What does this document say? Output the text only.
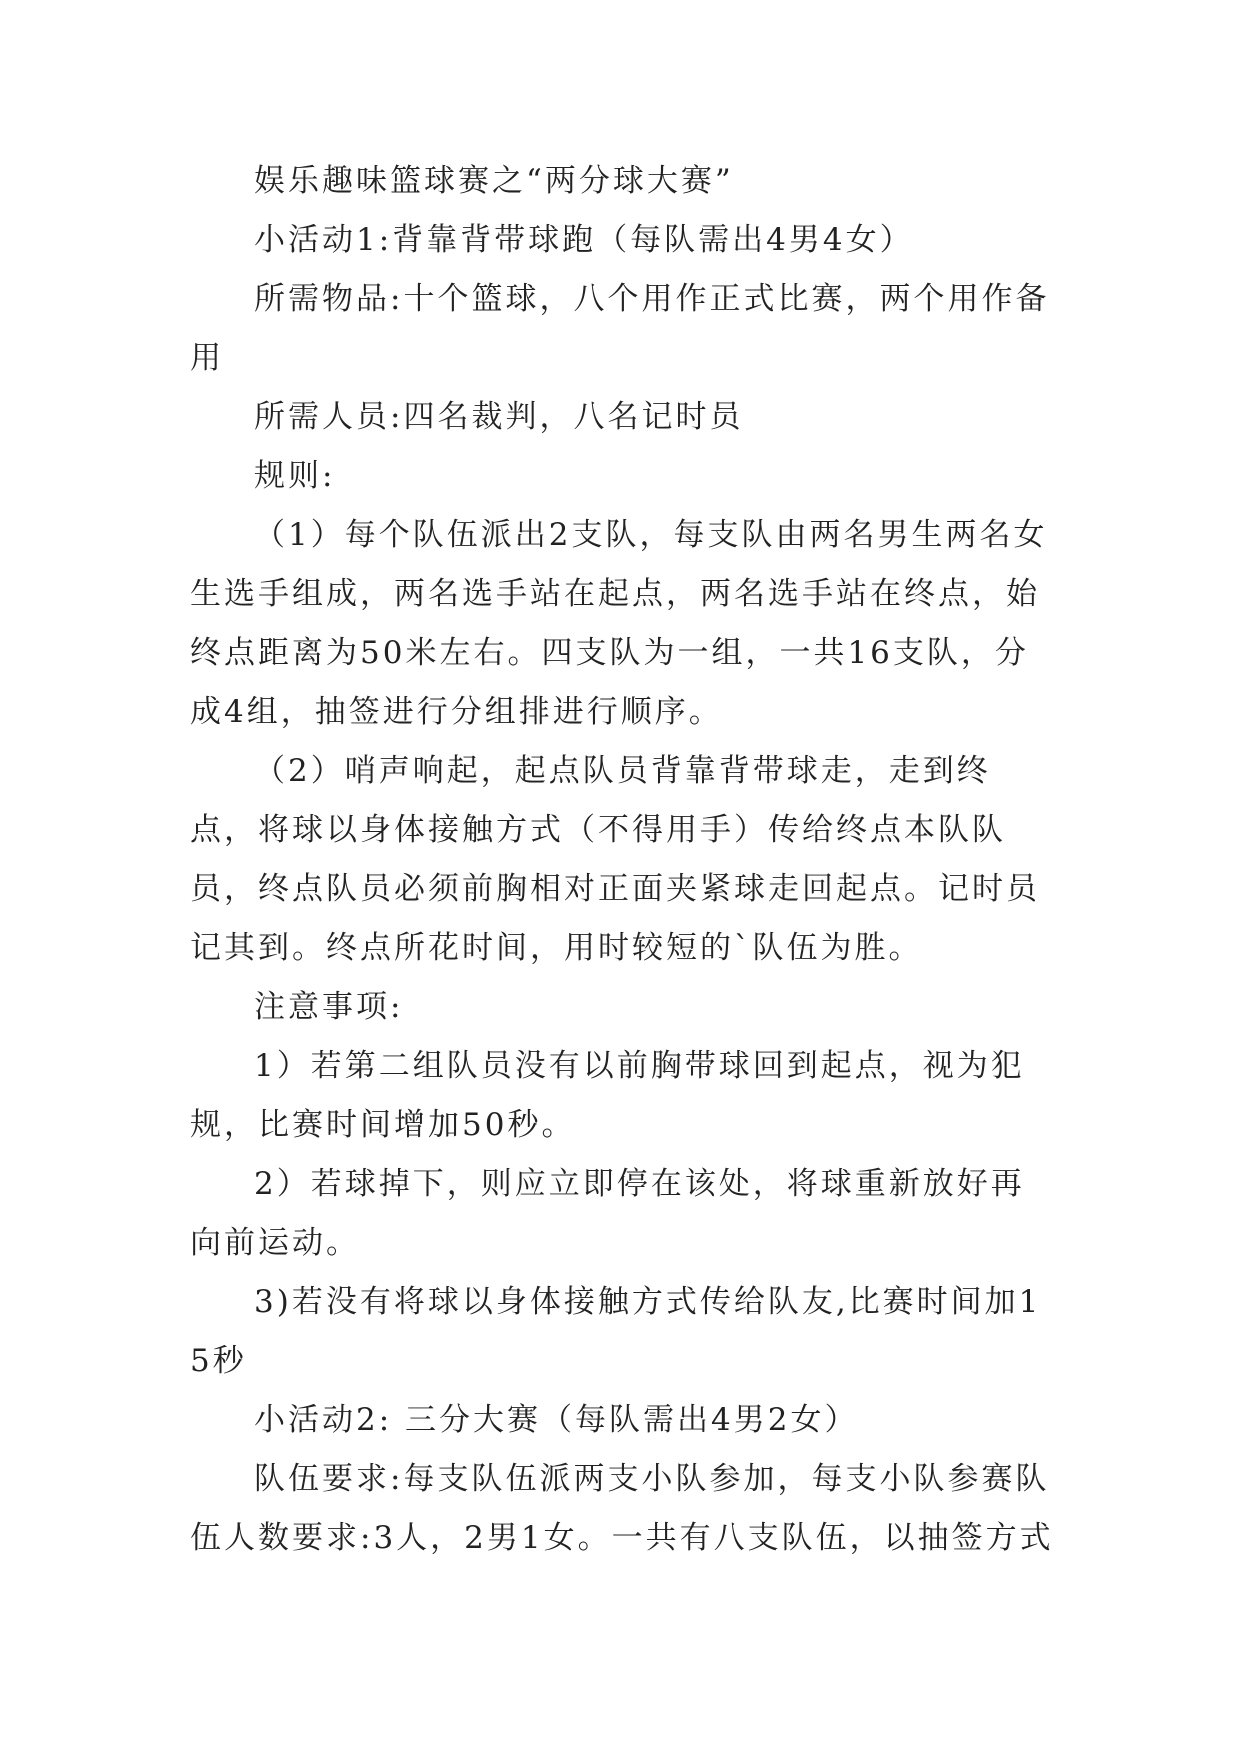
娱乐趣味篮球赛之“两分球大赛”

小活动1:背靠背带球跑（每队需出4男4女）

所需物品:十个篮球，八个用作正式比赛，两个用作备用

所需人员:四名裁判，八名记时员

规则:

（1）每个队伍派出2支队，每支队由两名男生两名女生选手组成，两名选手站在起点，两名选手站在终点，始终点距离为50米左右。四支队为一组，一共16支队，分成4组，抽签进行分组排进行顺序。

（2）哨声响起，起点队员背靠背带球走，走到终点，将球以身体接触方式（不得用手）传给终点本队队员，终点队员必须前胸相对正面夹紧球走回起点。记时员记其到。终点所花时间，用时较短的`队伍为胜。

注意事项:

1）若第二组队员没有以前胸带球回到起点，视为犯规，比赛时间增加50秒。

2）若球掉下，则应立即停在该处，将球重新放好再向前运动。

3)若没有将球以身体接触方式传给队友,比赛时间加15秒

小活动2: 三分大赛（每队需出4男2女）

队伍要求:每支队伍派两支小队参加，每支小队参赛队伍人数要求:3人，2男1女。一共有八支队伍，以抽签方式
